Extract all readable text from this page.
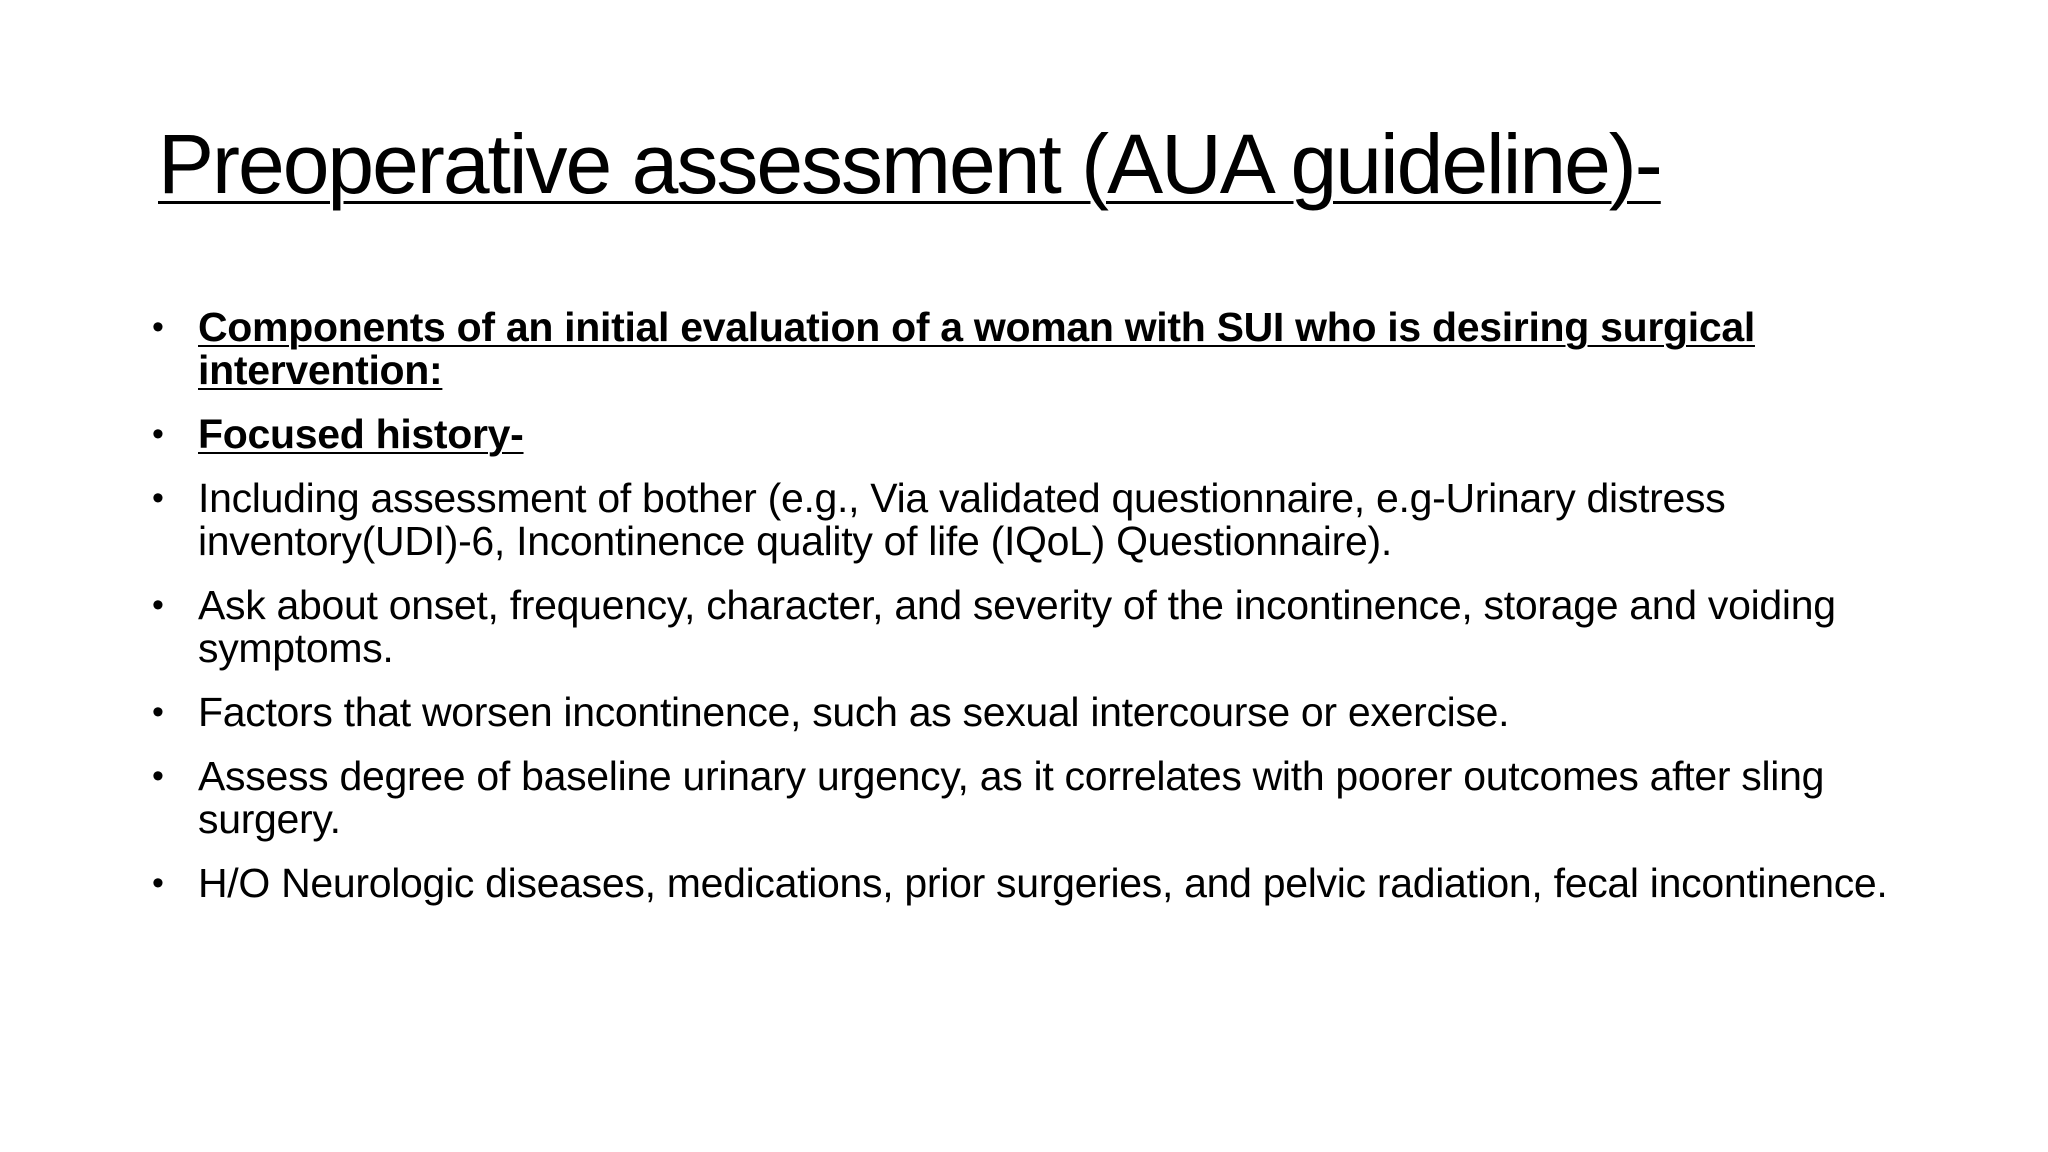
Preoperative assessment (AUA guideline)-
• Components of an initial evaluation of a woman with SUI who is desiring surgical intervention:
• Focused history-
• Including assessment of bother (e.g., Via validated questionnaire, e.g-Urinary distress inventory(UDI)-6, Incontinence quality of life (IQoL) Questionnaire).
• Ask about onset, frequency, character, and severity of the incontinence, storage and voiding symptoms.
• Factors that worsen incontinence, such as sexual intercourse or exercise.
• Assess degree of baseline urinary urgency, as it correlates with poorer outcomes after sling surgery.
• H/O Neurologic diseases, medications, prior surgeries, and pelvic radiation, fecal incontinence.
